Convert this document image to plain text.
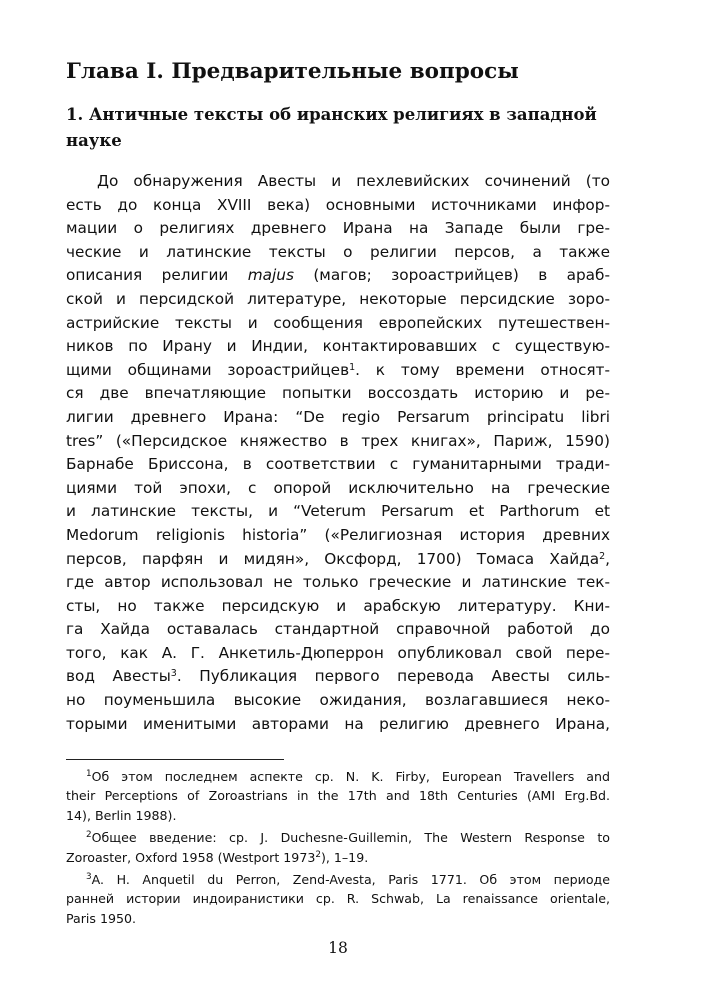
Глава I. Предварительные вопросы
1. Античные тексты об иранских религиях в западной
науке
До обнаружения Авесты и пехлевийских сочинений (то
есть до конца XVIII века) основными источниками инфор-
мации о религиях древнего Ирана на Западе были гре-
ческие и латинские тексты о религии персов, а также
описания религии majus (магов; зороастрийцев) в араб-
ской и персидской литературе, некоторые персидские зоро-
астрийские тексты и сообщения европейских путешествен-
ников по Ирану и Индии, контактировавших с существую-
щими общинами зороастрийцев$^1$. к тому времени относят-
ся две впечатляющие попытки воссоздать историю и ре-
лигии древнего Ирана: “De regio Persarum principatu libri
tres” («Персидское княжество в трех книгах», Париж, 1590)
Барнабе Бриссона, в соответствии с гуманитарными тради-
циями той эпохи, с опорой исключительно на греческие
и латинские тексты, и “Veterum Persarum et Parthorum et
Medorum religionis historia” («Религиозная история древних
персов, парфян и мидян», Оксфорд, 1700) Томаса Хайда$^2$,
где автор использовал не только греческие и латинские тек-
сты, но также персидскую и арабскую литературу. Кни-
га Хайда оставалась стандартной справочной работой до
того, как А. Г. Анкетиль-Дюперрон опубликовал свой пере-
вод Авесты$^3$. Публикация первого перевода Авесты силь-
но поуменьшила высокие ожидания, возлагавшиеся неко-
торыми именитыми авторами на религию древнего Ирана,
$^1$Об этом последнем аспекте ср. N. K. Firby, European Travellers and
their Perceptions of Zoroastrians in the 17th and 18th Centuries (AMI Erg.Bd.
14), Berlin 1988).
$^2$Общее введение: ср. J. Duchesne-Guillemin, The Western Response to
Zoroaster, Oxford 1958 (Westport 1973$^2$), 1–19.
$^3$A. H. Anquetil du Perron, Zend-Avesta, Paris 1771. Об этом периоде
ранней истории индоиранистики ср. R. Schwab, La renaissance orientale,
Paris 1950.
18
